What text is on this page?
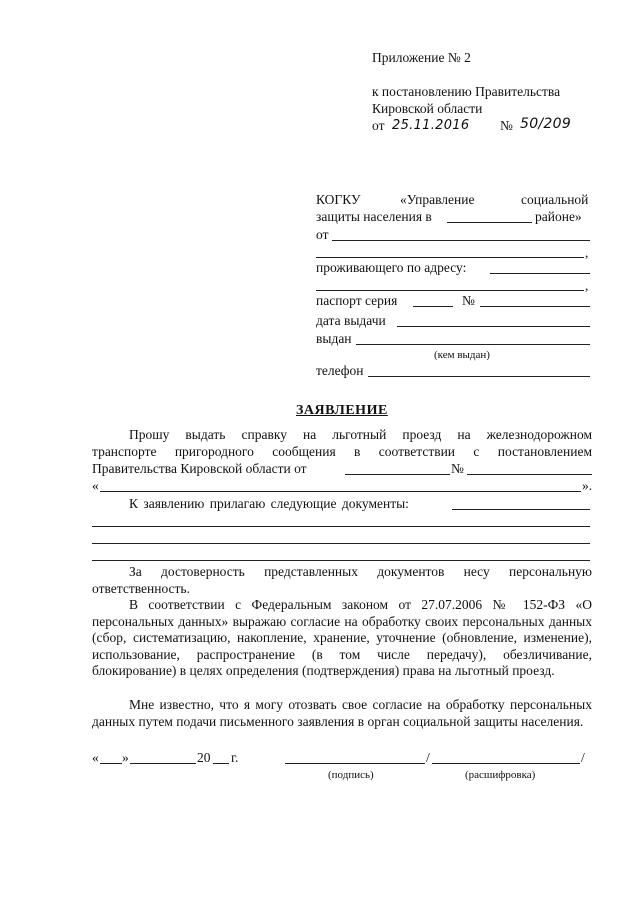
Приложение № 2
к постановлению Правительства
Кировской области
от 25.11.2016 № 50/209
КОГКУ	«Управление	социальной
защиты населения в	районе»
от
,
проживающего по адресу:
,
паспорт серия	№
дата выдачи
выдан
(кем выдан)
телефон
ЗАЯВЛЕНИЕ
Прошу выдать справку на льготный проезд на железнодорожном
транспорте пригородного сообщения в соответствии с постановлением
Правительства Кировской области от	№
«	».
К заявлению прилагаю следующие документы:
За достоверность представленных документов несу персональную ответственность.
В соответствии с Федеральным законом от 27.07.2006 № 152-ФЗ «О персональных данных» выражаю согласие на обработку своих персональных данных (сбор, систематизацию, накопление, хранение, уточнение (обновление, изменение), использование, распространение (в том числе передачу), обезличивание, блокирование) в целях определения (подтверждения) права на льготный проезд.
Мне известно, что я могу отозвать свое согласие на обработку персональных данных путем подачи письменного заявления в орган социальной защиты населения.
« »	20 г.	/	/
(подпись)	(расшифровка)
